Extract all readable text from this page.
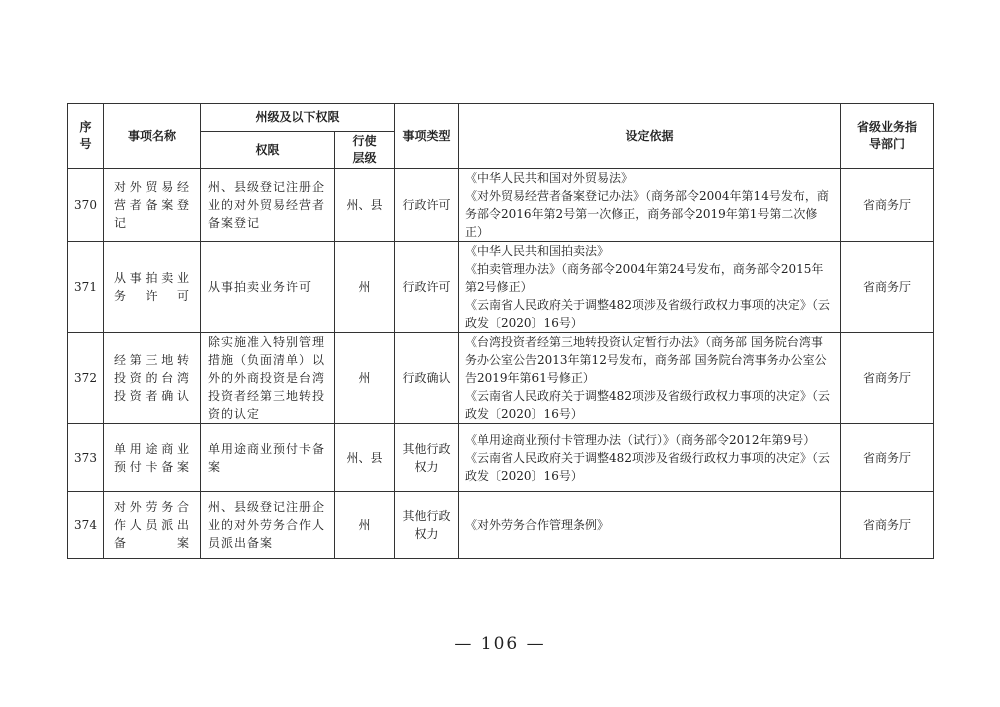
序号	事项名称	州级及以下权限		事项类型	设定依据	省级业务指导部门
		权限	行使层级			
370	对外贸易经营者备案登记	州、县级登记注册企业的对外贸易经营者备案登记	州、县	行政许可	《中华人民共和国对外贸易法》
《对外贸易经营者备案登记办法》（商务部令2004年第14号发布，商务部令2016年第2号第一次修正，商务部令2019年第1号第二次修正）	省商务厅
371	从事拍卖业务许可	从事拍卖业务许可	州	行政许可	《中华人民共和国拍卖法》
《拍卖管理办法》（商务部令2004年第24号发布，商务部令2015年第2号修正）
《云南省人民政府关于调整482项涉及省级行政权力事项的决定》（云政发〔2020〕16号）	省商务厅
372	经第三地转投资的台湾投资者确认	除实施准入特别管理措施（负面清单）以外的外商投资是台湾投资者经第三地转投资的认定	州	行政确认	《台湾投资者经第三地转投资认定暂行办法》（商务部 国务院台湾事务办公室公告2013年第12号发布，商务部 国务院台湾事务办公室公告2019年第61号修正）
《云南省人民政府关于调整482项涉及省级行政权力事项的决定》（云政发〔2020〕16号）	省商务厅
373	单用途商业预付卡备案	单用途商业预付卡备案	州、县	其他行政权力	《单用途商业预付卡管理办法（试行）》（商务部令2012年第9号）
《云南省人民政府关于调整482项涉及省级行政权力事项的决定》（云政发〔2020〕16号）	省商务厅
374	对外劳务合作人员派出备案	州、县级登记注册企业的对外劳务合作人员派出备案	州	其他行政权力	《对外劳务合作管理条例》	省商务厅
— 106 —
